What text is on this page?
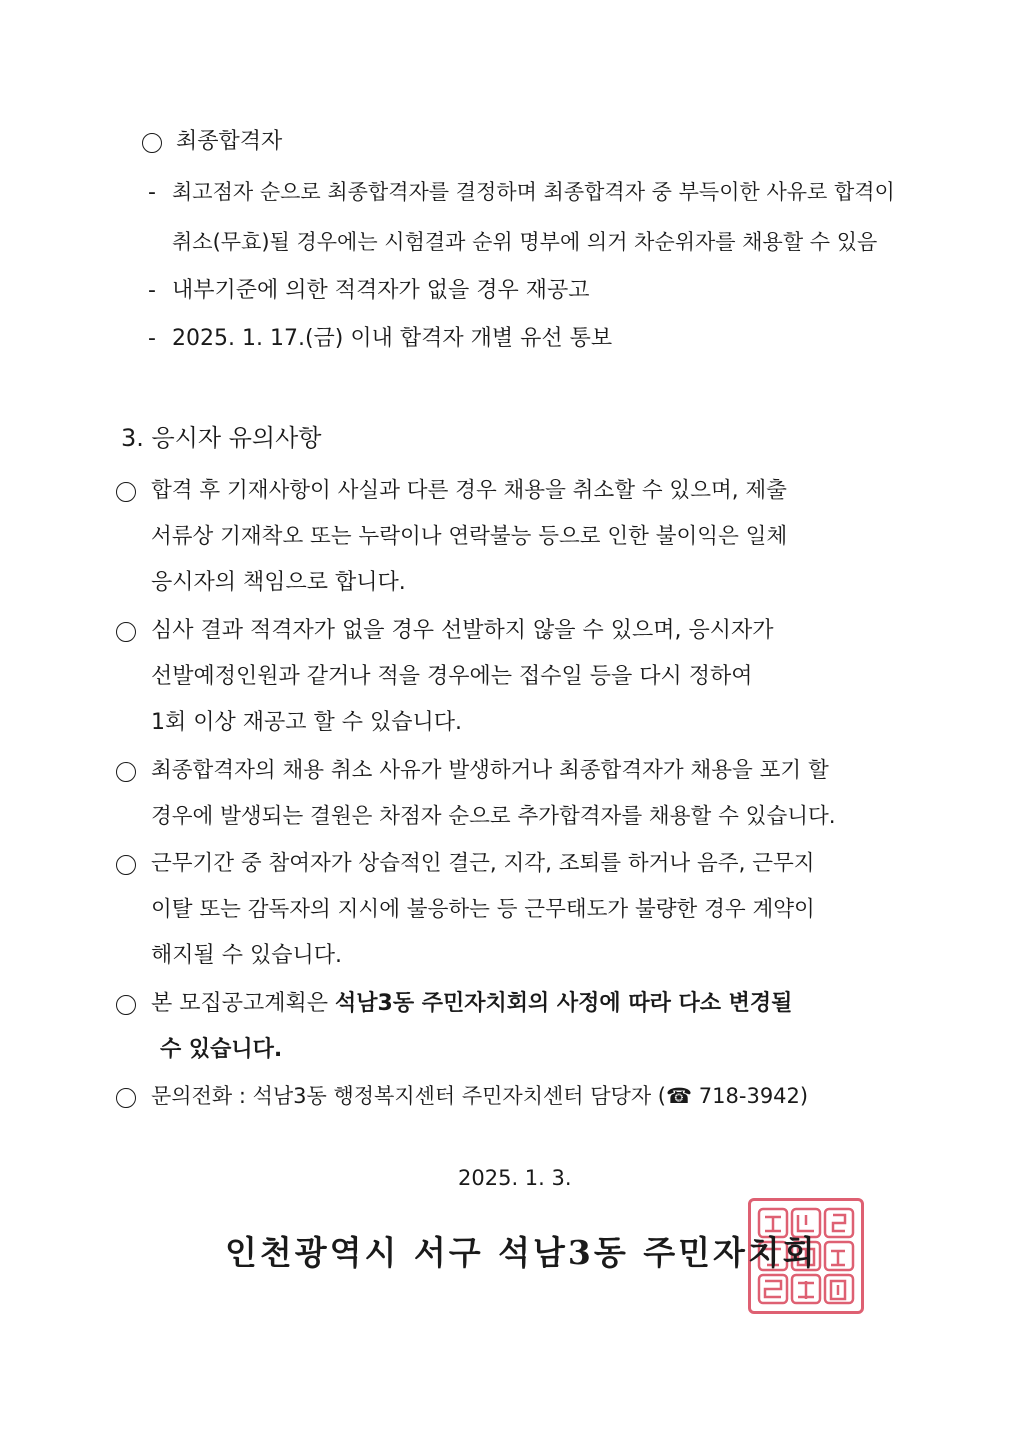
최종합격자
- 최고점자 순으로 최종합격자를 결정하며 최종합격자 중 부득이한 사유로 합격이
취소(무효)될 경우에는 시험결과 순위 명부에 의거 차순위자를 채용할 수 있음
- 내부기준에 의한 적격자가 없을 경우 재공고
- 2025. 1. 17.(금) 이내 합격자 개별 유선 통보
3. 응시자 유의사항
합격 후 기재사항이 사실과 다른 경우 채용을 취소할 수 있으며, 제출
서류상 기재착오 또는 누락이나 연락불능 등으로 인한 불이익은 일체
응시자의 책임으로 합니다.
심사 결과 적격자가 없을 경우 선발하지 않을 수 있으며, 응시자가
선발예정인원과 같거나 적을 경우에는 접수일 등을 다시 정하여
1회 이상 재공고 할 수 있습니다.
최종합격자의 채용 취소 사유가 발생하거나 최종합격자가 채용을 포기 할
경우에 발생되는 결원은 차점자 순으로 추가합격자를 채용할 수 있습니다.
근무기간 중 참여자가 상습적인 결근, 지각, 조퇴를 하거나 음주, 근무지
이탈 또는 감독자의 지시에 불응하는 등 근무태도가 불량한 경우 계약이
해지될 수 있습니다.
본 모집공고계획은 석남3동 주민자치회의 사정에 따라 다소 변경될
수 있습니다.
문의전화 : 석남3동 행정복지센터 주민자치센터 담당자 (☎ 718-3942)
2025. 1. 3.
인천광역시 서구 석남3동 주민자치회
